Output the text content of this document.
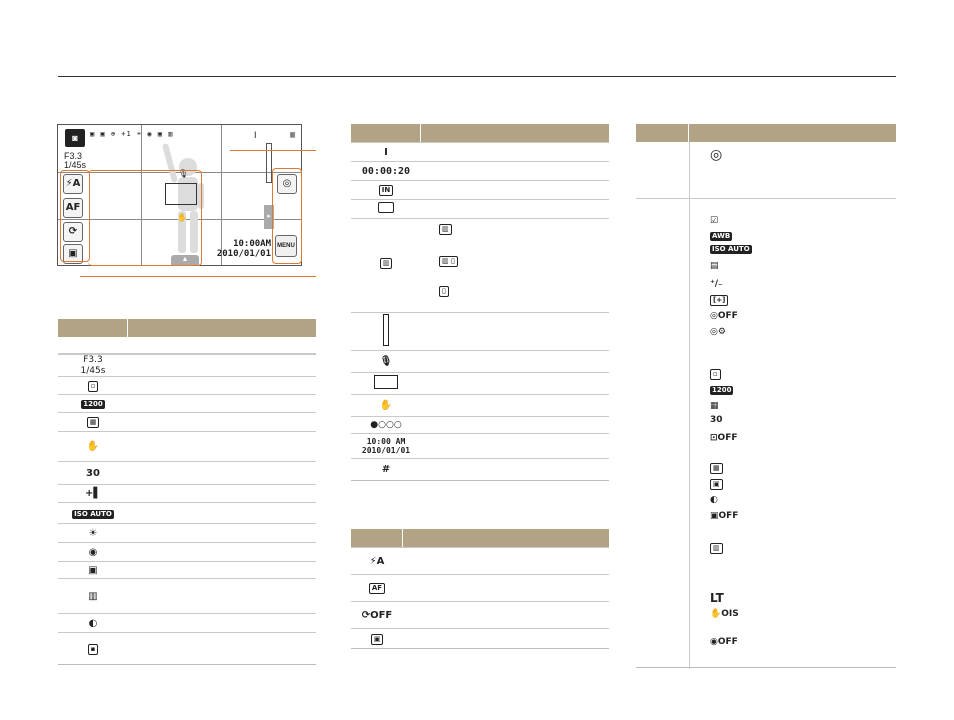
◙	▣ ▣ ⊕ +1 ☀ ◉ ▣ ▥	▥
F3.3
1/45s
I
🎙
✋
⚡A
AF
⟳
▣
◎
▸
10:00AM
2010/01/01
MENU
▲
F3.3
1/45s
▫
1200
▦
✋
30
+▌
ISO AUTO
☀
◉
▣
▥
◐
▪
I
00:00:20
IN
▥
▥
▥ ▯
▯
🎙
✋
●○○○
10:00 AM
2010/01/01
#
⚡A
AF
⟳OFF
▣
◎
☑
AWB
ISO AUTO
▤
⁺∕₋
[+]
◎OFF
◎⚙
▫
1200
▦
30
⊡OFF
▦
▣
◐
▣OFF
▥
LT
✋OIS
◉OFF
